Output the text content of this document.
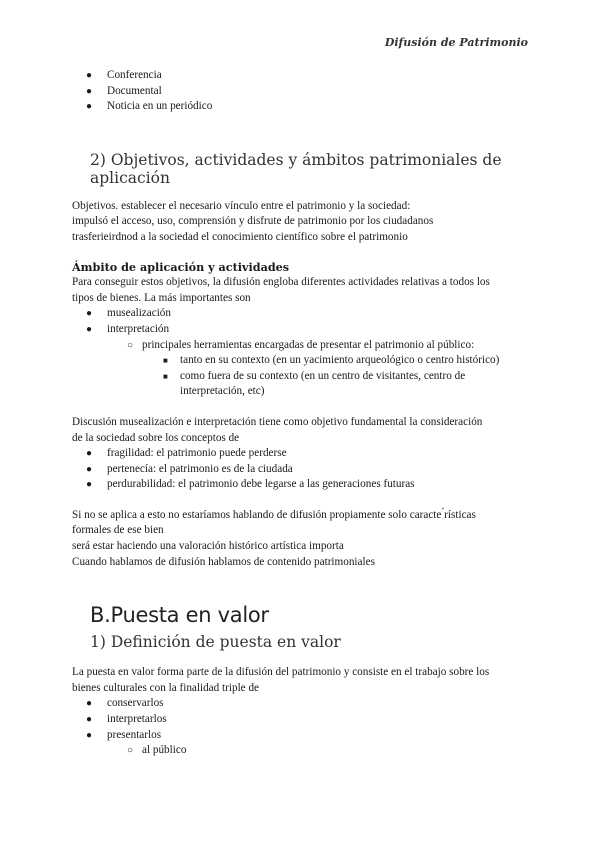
Difusión de Patrimonio
● Conferencia
● Documental
● Noticia en un periódico
2) Objetivos, actividades y ámbitos patrimoniales de aplicación

Objetivos. establecer el necesario vínculo entre el patrimonio y la sociedad:

impulsó el acceso, uso, comprensión y disfrute de patrimonio por los ciudadanos

trasferieirdnod a la sociedad el conocimiento científico sobre el patrimonio

Ámbito de aplicación y actividades

Para conseguir estos objetivos, la difusión engloba diferentes actividades relativas a todos los

tipos de bienes. La más importantes son

● musealización
● interpretación
○ principales herramientas encargadas de presentar el patrimonio al público:
■ tanto en su contexto (en un yacimiento arqueológico o centro histórico)
■ como fuera de su contexto (en un centro de visitantes, centro de
interpretación, etc)

Discusión musealización e interpretación tiene como objetivo fundamental la consideración

de la sociedad sobre los conceptos de

● fragilidad: el patrimonio puede perderse
● pertenecía: el patrimonio es de la ciudada
● perdurabilidad: el patrimonio debe legarse a las generaciones futuras

Si no se aplica a esto no estaríamos hablando de difusión propiamente solo caracte ́rísticas

formales de ese bien

será estar haciendo una valoración histórico artística importa

Cuando hablamos de difusión hablamos de contenido patrimoniales

B.Puesta en valor
1) Definición de puesta en valor

La puesta en valor forma parte de la difusión del patrimonio y consiste en el trabajo sobre los

bienes culturales con la finalidad triple de

● conservarlos
● interpretarlos
● presentarlos
○ al público
